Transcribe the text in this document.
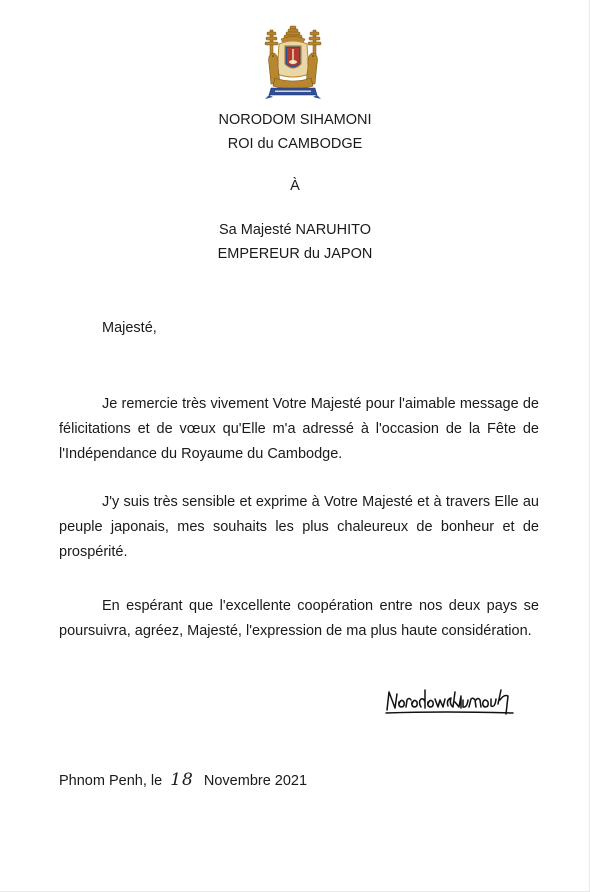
NORODOM SIHAMONI
ROI du CAMBODGE
À
Sa Majesté NARUHITO
EMPEREUR du JAPON
Majesté,
Je remercie très vivement Votre Majesté pour l'aimable message de
félicitations et de vœux qu'Elle m'a adressé à l'occasion de la Fête de
l'Indépendance du Royaume du Cambodge.
J'y suis très sensible et exprime à Votre Majesté et à travers Elle au
peuple japonais, mes souhaits les plus chaleureux de bonheur et de
prospérité.
En espérant que l'excellente coopération entre nos deux pays se
poursuivra, agréez, Majesté, l'expression de ma plus haute considération.
Phnom Penh, le 18 Novembre 2021
